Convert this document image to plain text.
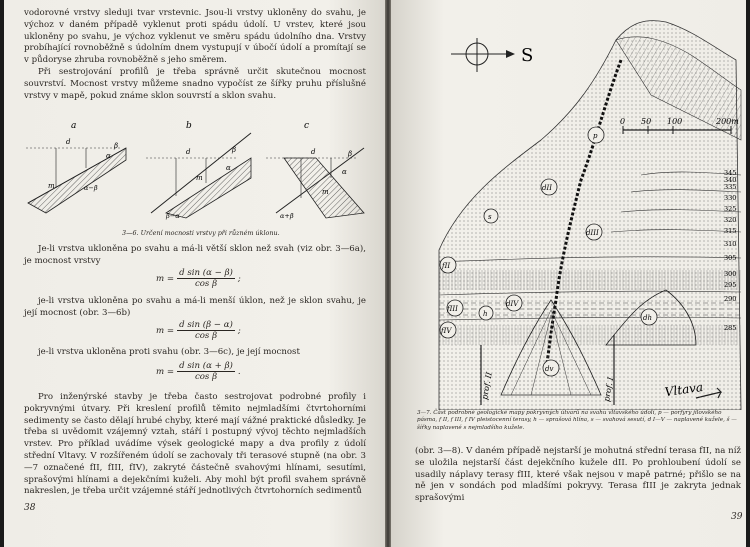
vodorovné vrstvy sleduji tvar vrstevnic. Jsou-li vrstvy ukloněny do svahu, je výchoz v daném případě vyklenut proti spádu údolí. U vrstev, které jsou ukloněny po svahu, je výchoz vyklenut ve směru spádu údolního dna. Vrstvy probíhající rovnoběžně s údolním dnem vystupují v úbočí údolí a promítají se v půdoryse zhruba rovnoběžně s jeho směrem.

Při sestrojování profilů je třeba správně určit skutečnou mocnost souvrství. Mocnost vrstvy můžeme snadno vypočíst ze šířky pruhu příslušné vrstvy v mapě, pokud známe sklon souvrstí a sklon svahu.

a
d
m
α
β
α−β
b
d
m
α
β
β−α
c
d
m
α
β
α+β
3—6. Určení mocnosti vrstvy při různém úklonu.

Je-li vrstva ukloněna po svahu a má-li větší sklon než svah (viz obr. 3—6a), je mocnost vrstvy

$m = \frac{\text{d sin (α − β)}}{\text{cos β}}$ ;

je-li vrstva ukloněna po svahu a má-li menší úklon, než je sklon svahu, je její mocnost (obr. 3—6b)

$m = \frac{\text{d sin (β − α)}}{\text{cos β}}$ ;

je-li vrstva ukloněna proti svahu (obr. 3—6c), je její mocnost

$m = \frac{\text{d sin (α + β)}}{\text{cos β}}$ .

Pro inženýrské stavby je třeba často sestrojovat podrobné profily i pokryvnými útvary. Při kreslení profilů těmito nejmladšími čtvrtohorními sedimenty se často dělají hrubé chyby, které mají vážné praktické důsledky. Je třeba si uvědomit vzájemný vztah, stáří i postupný vývoj těchto nejmladších vrstev. Pro příklad uvádíme výsek geologické mapy a dva profily z údolí střední Vltavy. V rozšířeném údolí se zachovaly tři terasové stupně (na obr. 3—7 označené fII, fIII, fIV), zakryté částečně svahovými hlínami, sesutími, sprašovými hlínami a dejekčními kuželi. Aby mohl být profil svahem správně nakreslen, je třeba určit vzájemné stáří jednotlivých čtvrtohorních sedimentů

38
S
0 50 100	200m
345
340
335
330
325
320
315
310
305
300
295
290
285
p
dII
s
dIII
fII
fIII
h
dIV
fIV
dv
dh
prof. II	prof. I	Vltava
3—7. Část podrobné geologické mapy pokryvných útvarů na svahu vltavského údolí, p — porfyry jílovského pásma, f II, f III, f IV pleistocenní terasy, h — sprašová hlína, s — svahová sesutí, d I—V — naplavené kužele, š — šířky naplavené s nejmladšího kužele.

(obr. 3—8). V daném případě nejstarší je mohutná střední terasa fII, na níž se uložila nejstarší část dejekčního kužele dII. Po prohloubení údolí se usadily náplavy terasy fIII, které však nejsou v mapě patrné; přišlo se na ně jen v sondách pod mladšími pokryvy. Terasa fIII je zakryta jednak sprašovými

39
